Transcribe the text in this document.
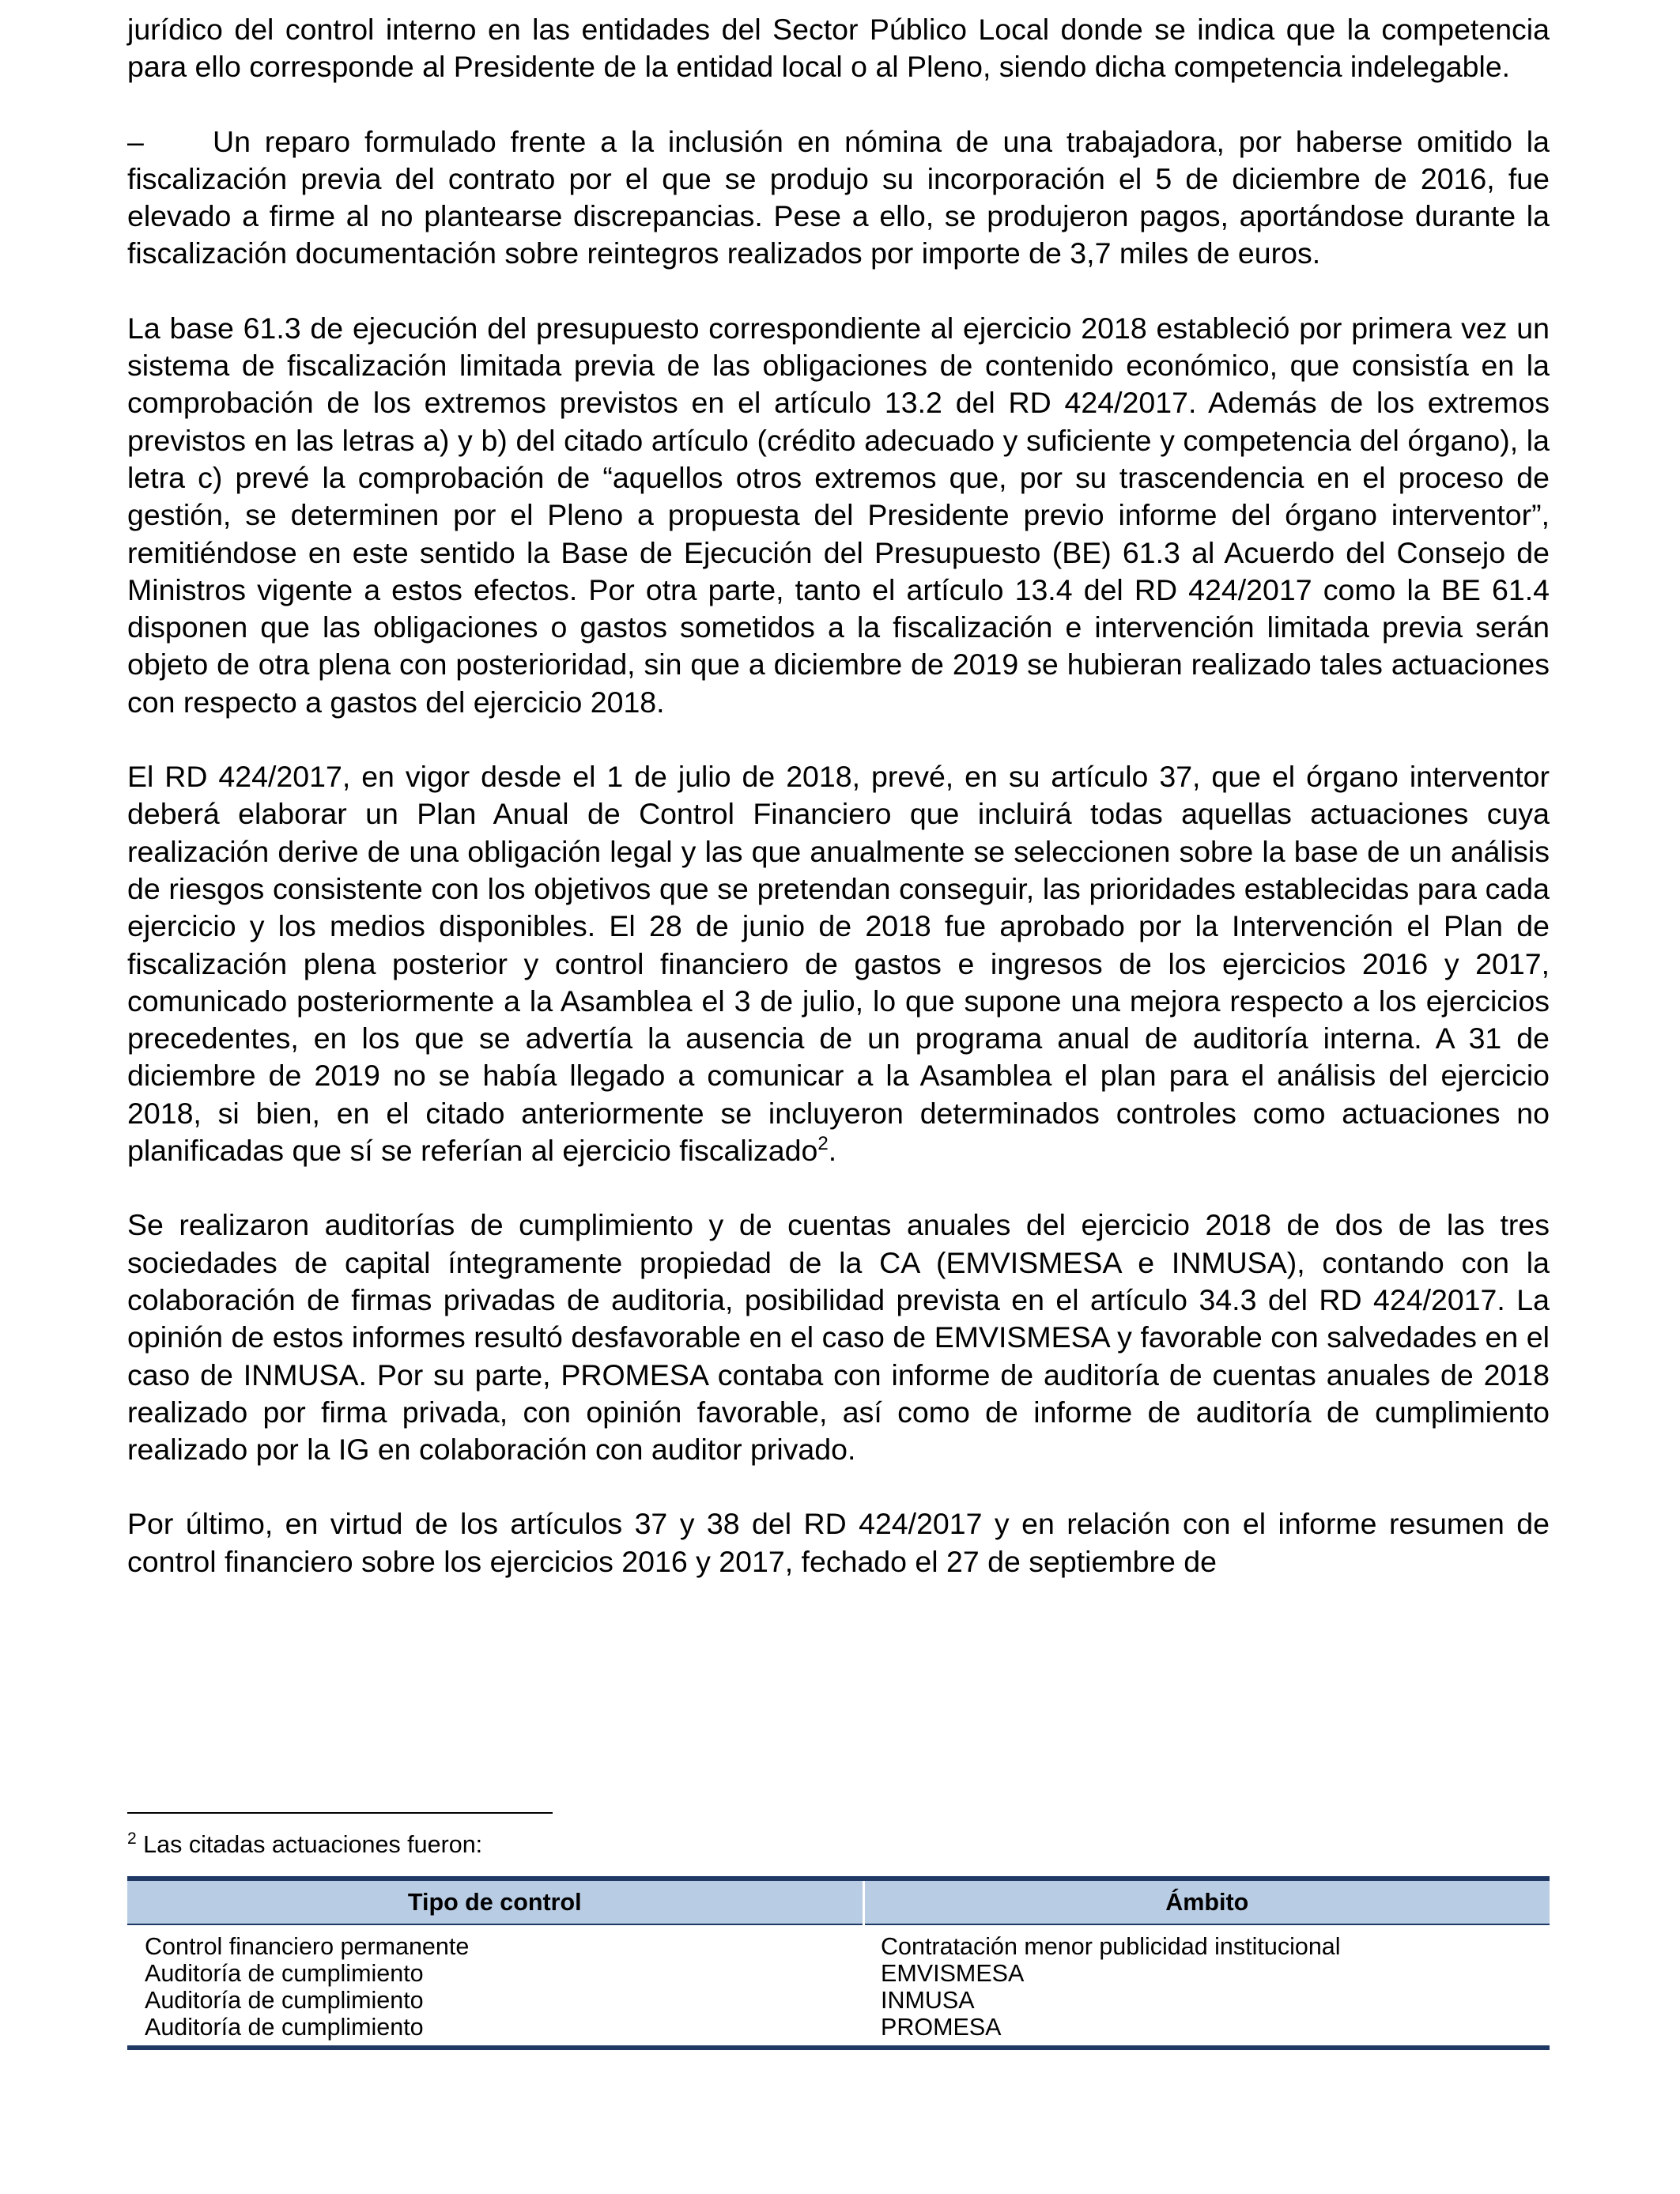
jurídico del control interno en las entidades del Sector Público Local donde se indica que la competencia para ello corresponde al Presidente de la entidad local o al Pleno, siendo dicha competencia indelegable.

– Un reparo formulado frente a la inclusión en nómina de una trabajadora, por haberse omitido la fiscalización previa del contrato por el que se produjo su incorporación el 5 de diciembre de 2016, fue elevado a firme al no plantearse discrepancias. Pese a ello, se produjeron pagos, aportándose durante la fiscalización documentación sobre reintegros realizados por importe de 3,7 miles de euros.

La base 61.3 de ejecución del presupuesto correspondiente al ejercicio 2018 estableció por primera vez un sistema de fiscalización limitada previa de las obligaciones de contenido económico, que consistía en la comprobación de los extremos previstos en el artículo 13.2 del RD 424/2017. Además de los extremos previstos en las letras a) y b) del citado artículo (crédito adecuado y suficiente y competencia del órgano), la letra c) prevé la comprobación de “aquellos otros extremos que, por su trascendencia en el proceso de gestión, se determinen por el Pleno a propuesta del Presidente previo informe del órgano interventor”, remitiéndose en este sentido la Base de Ejecución del Presupuesto (BE) 61.3 al Acuerdo del Consejo de Ministros vigente a estos efectos. Por otra parte, tanto el artículo 13.4 del RD 424/2017 como la BE 61.4 disponen que las obligaciones o gastos sometidos a la fiscalización e intervención limitada previa serán objeto de otra plena con posterioridad, sin que a diciembre de 2019 se hubieran realizado tales actuaciones con respecto a gastos del ejercicio 2018.

El RD 424/2017, en vigor desde el 1 de julio de 2018, prevé, en su artículo 37, que el órgano interventor deberá elaborar un Plan Anual de Control Financiero que incluirá todas aquellas actuaciones cuya realización derive de una obligación legal y las que anualmente se seleccionen sobre la base de un análisis de riesgos consistente con los objetivos que se pretendan conseguir, las prioridades establecidas para cada ejercicio y los medios disponibles. El 28 de junio de 2018 fue aprobado por la Intervención el Plan de fiscalización plena posterior y control financiero de gastos e ingresos de los ejercicios 2016 y 2017, comunicado posteriormente a la Asamblea el 3 de julio, lo que supone una mejora respecto a los ejercicios precedentes, en los que se advertía la ausencia de un programa anual de auditoría interna. A 31 de diciembre de 2019 no se había llegado a comunicar a la Asamblea el plan para el análisis del ejercicio 2018, si bien, en el citado anteriormente se incluyeron determinados controles como actuaciones no planificadas que sí se referían al ejercicio fiscalizado$^2$.

Se realizaron auditorías de cumplimiento y de cuentas anuales del ejercicio 2018 de dos de las tres sociedades de capital íntegramente propiedad de la CA (EMVISMESA e INMUSA), contando con la colaboración de firmas privadas de auditoria, posibilidad prevista en el artículo 34.3 del RD 424/2017. La opinión de estos informes resultó desfavorable en el caso de EMVISMESA y favorable con salvedades en el caso de INMUSA. Por su parte, PROMESA contaba con informe de auditoría de cuentas anuales de 2018 realizado por firma privada, con opinión favorable, así como de informe de auditoría de cumplimiento realizado por la IG en colaboración con auditor privado.

Por último, en virtud de los artículos 37 y 38 del RD 424/2017 y en relación con el informe resumen de control financiero sobre los ejercicios 2016 y 2017, fechado el 27 de septiembre de

$^2$ Las citadas actuaciones fueron:
Tipo de control	Ámbito
Control financiero permanente	Contratación menor publicidad institucional
Auditoría de cumplimiento	EMVISMESA
Auditoría de cumplimiento	INMUSA
Auditoría de cumplimiento	PROMESA
